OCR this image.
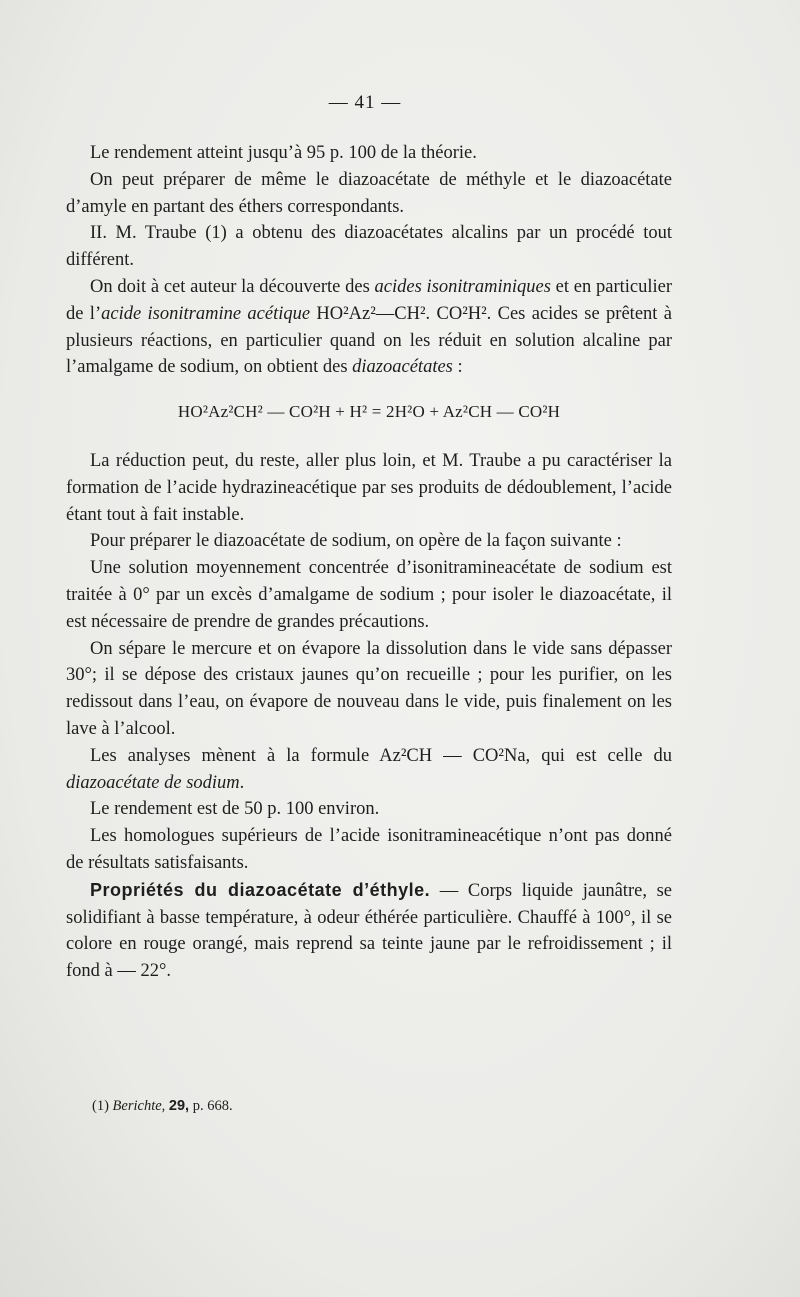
— 41 —

Le rendement atteint jusqu’à 95 p. 100 de la théorie.

On peut préparer de même le diazoacétate de méthyle et le diazoacétate d’amyle en partant des éthers correspondants.

II. M. Traube (1) a obtenu des diazoacétates alcalins par un procédé tout différent.

On doit à cet auteur la découverte des acides isonitraminiques et en particulier de l’acide isonitramine acétique HO²Az²—CH². CO²H². Ces acides se prêtent à plusieurs réactions, en particulier quand on les réduit en solution alcaline par l’amalgame de sodium, on obtient des diazoacétates :

HO²Az²CH² — CO²H + H² = 2H²O + Az²CH — CO²H

La réduction peut, du reste, aller plus loin, et M. Traube a pu caractériser la formation de l’acide hydrazineacétique par ses produits de dédoublement, l’acide étant tout à fait instable.

Pour préparer le diazoacétate de sodium, on opère de la façon suivante :

Une solution moyennement concentrée d’isonitramineacétate de sodium est traitée à 0° par un excès d’amalgame de sodium ; pour isoler le diazoacétate, il est nécessaire de prendre de grandes précautions.

On sépare le mercure et on évapore la dissolution dans le vide sans dépasser 30°; il se dépose des cristaux jaunes qu’on recueille ; pour les purifier, on les redissout dans l’eau, on évapore de nouveau dans le vide, puis finalement on les lave à l’alcool.

Les analyses mènent à la formule Az²CH — CO²Na, qui est celle du diazoacétate de sodium.

Le rendement est de 50 p. 100 environ.

Les homologues supérieurs de l’acide isonitramineacétique n’ont pas donné de résultats satisfaisants.

Propriétés du diazoacétate d’éthyle. — Corps liquide jaunâtre, se solidifiant à basse température, à odeur éthérée particulière. Chauffé à 100°, il se colore en rouge orangé, mais reprend sa teinte jaune par le refroidissement ; il fond à — 22°.

(1) Berichte, 29, p. 668.
